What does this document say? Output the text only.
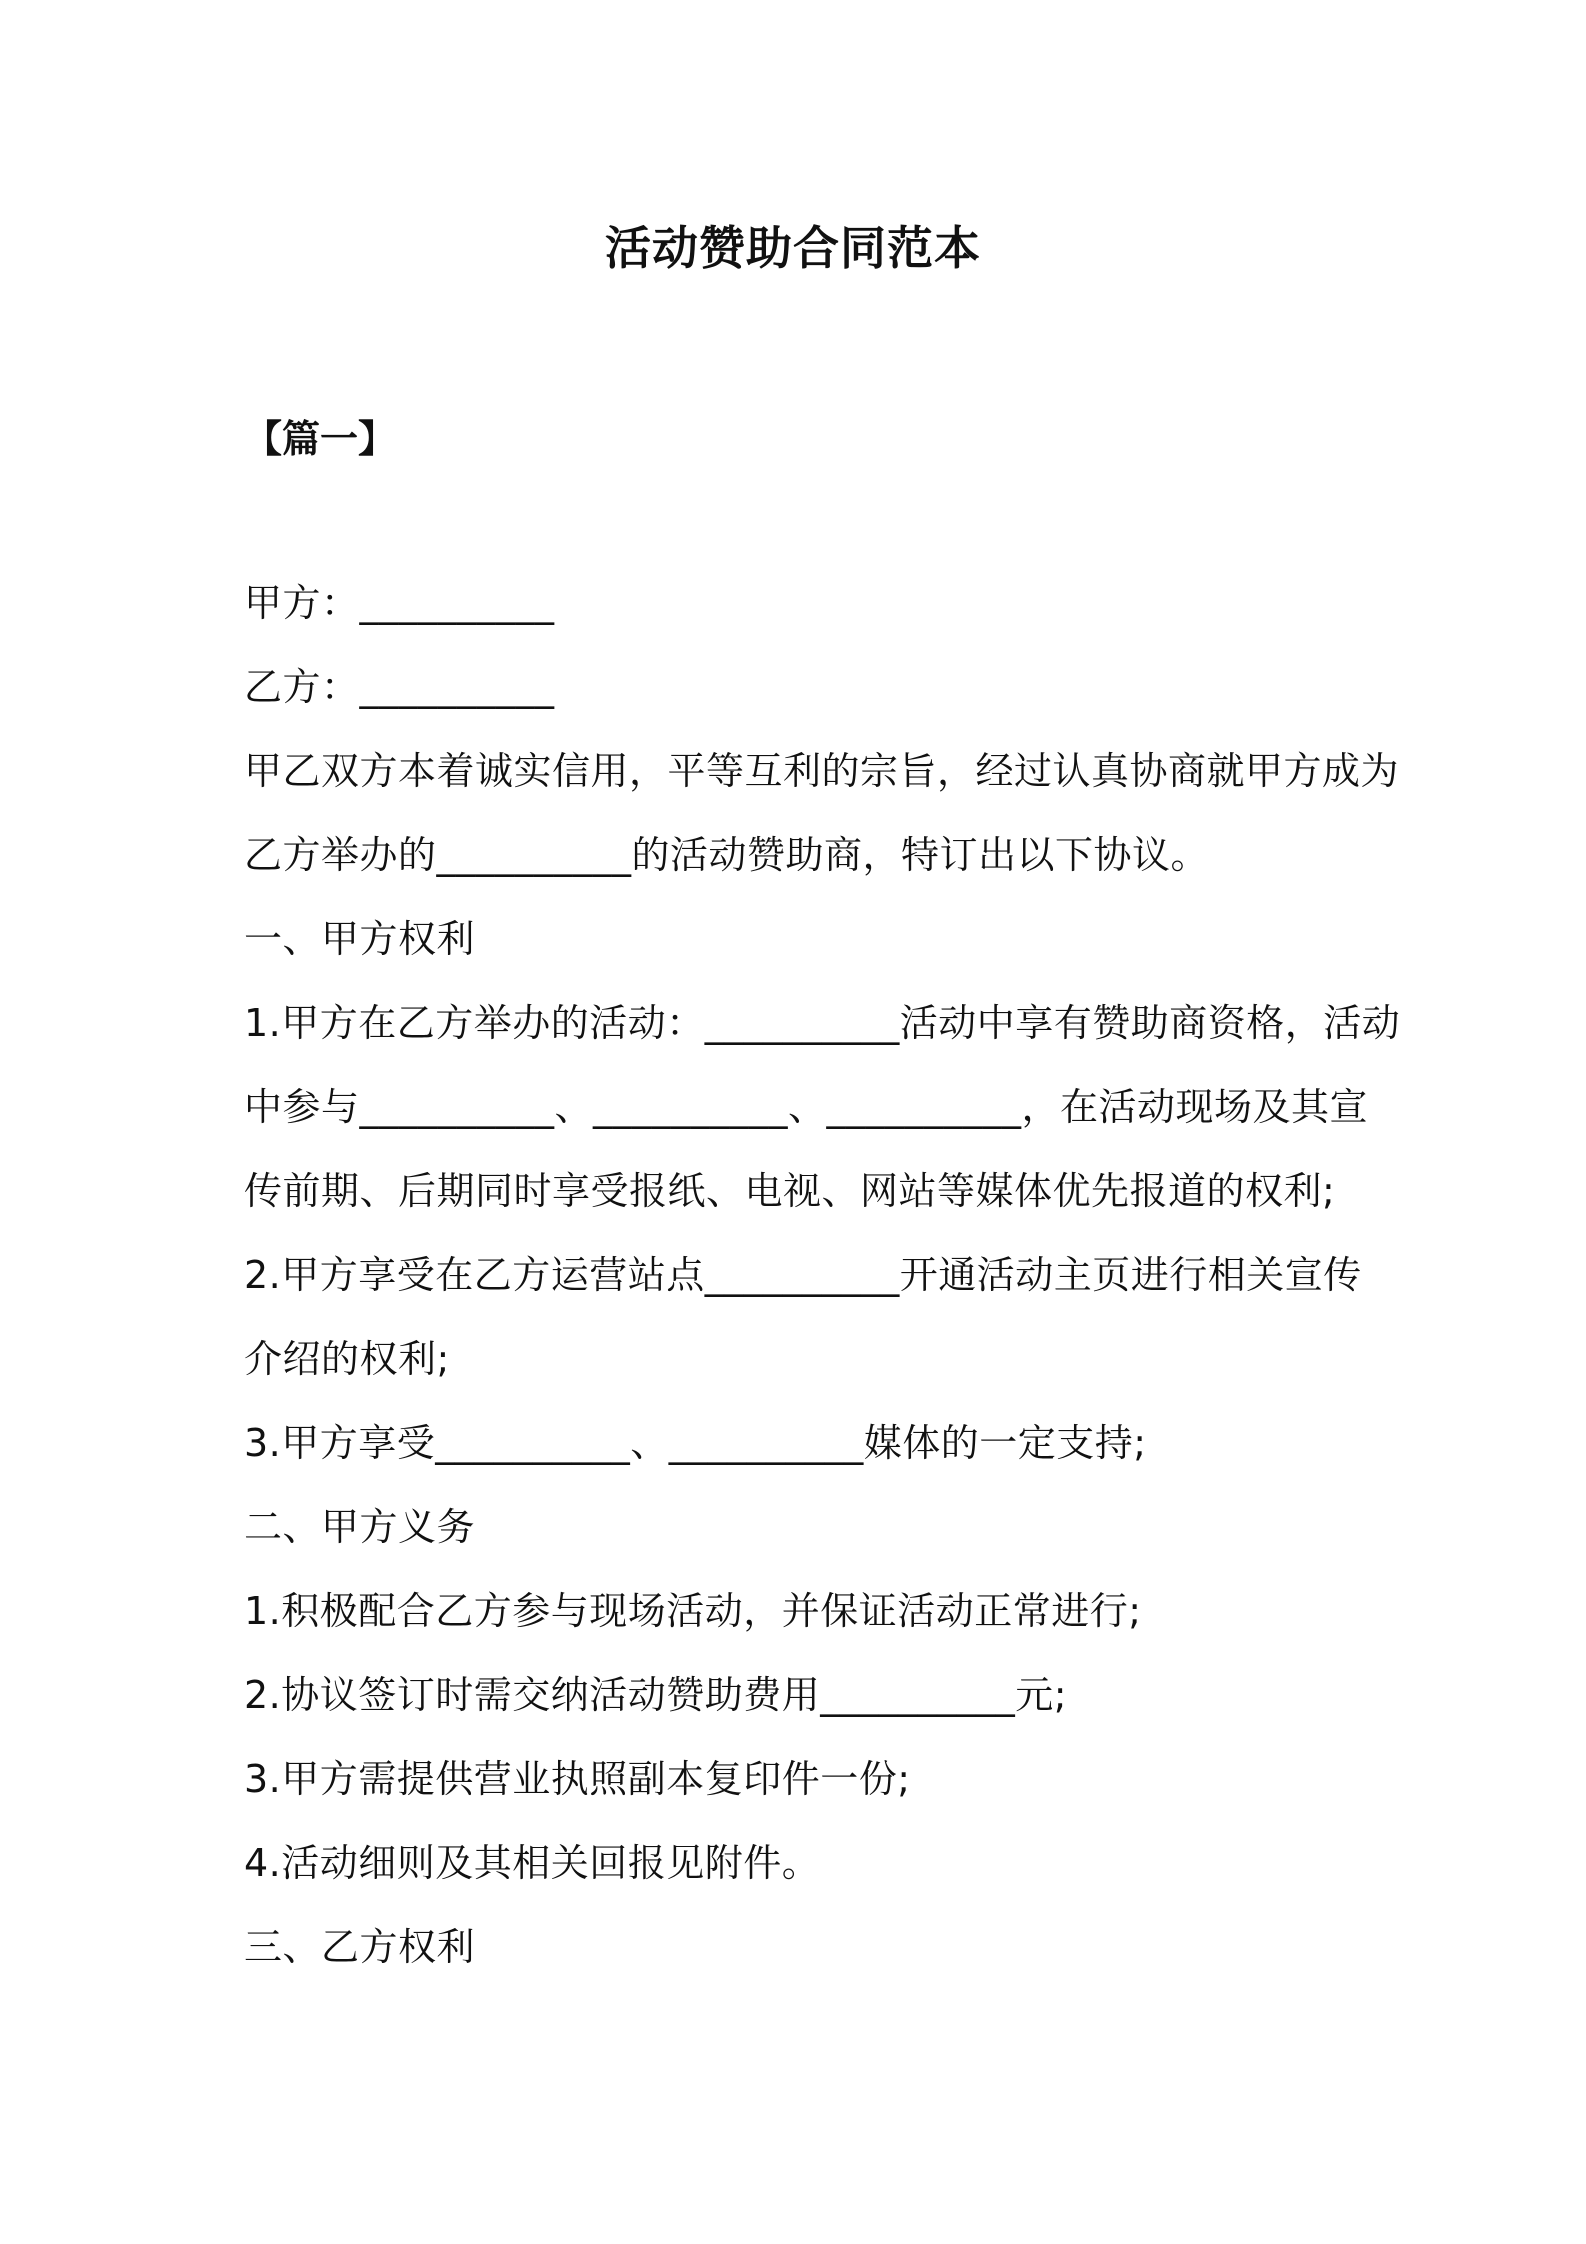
活动赞助合同范本
【篇一】
甲方：__________
乙方：__________
甲乙双方本着诚实信用，平等互利的宗旨，经过认真协商就甲方成为
乙方举办的__________的活动赞助商，特订出以下协议。
一、甲方权利
1.甲方在乙方举办的活动：__________活动中享有赞助商资格，活动
中参与__________、__________、__________，在活动现场及其宣
传前期、后期同时享受报纸、电视、网站等媒体优先报道的权利;
2.甲方享受在乙方运营站点__________开通活动主页进行相关宣传
介绍的权利;
3.甲方享受__________、__________媒体的一定支持;
二、甲方义务
1.积极配合乙方参与现场活动，并保证活动正常进行;
2.协议签订时需交纳活动赞助费用__________元;
3.甲方需提供营业执照副本复印件一份;
4.活动细则及其相关回报见附件。
三、乙方权利
